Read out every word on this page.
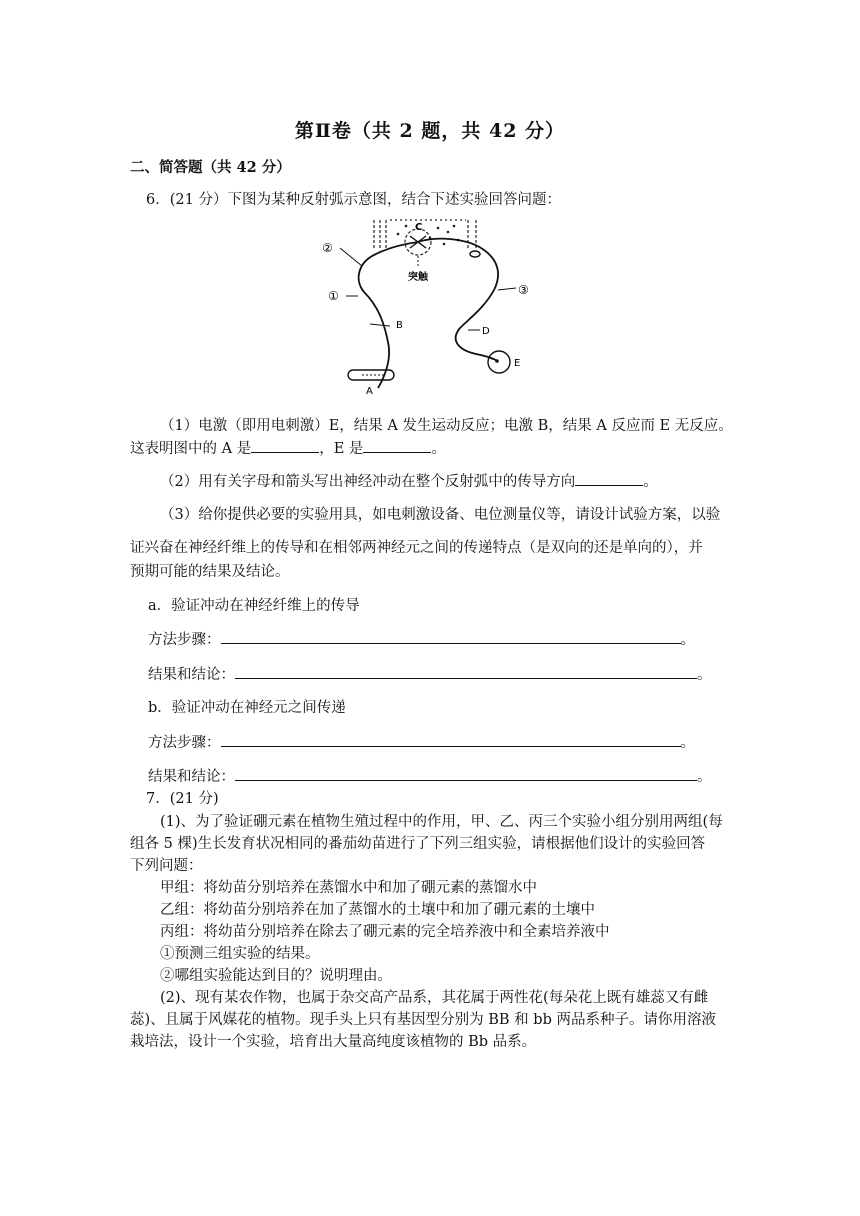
第Ⅱ卷（共 2 题，共 42 分）
二、简答题（共 42 分）
6．(21 分）下图为某种反射弧示意图，结合下述实验回答问题：
②
①	③
C
突触
B
D
E
A
（1）电激（即用电刺激）E，结果 A 发生运动反应；电激 B，结果 A 反应而 E 无反应。
这表明图中的 A 是	，E 是	。
（2）用有关字母和箭头写出神经冲动在整个反射弧中的传导方向	。
（3）给你提供必要的实验用具，如电刺激设备、电位测量仪等，请设计试验方案，以验
证兴奋在神经纤维上的传导和在相邻两神经元之间的传递特点（是双向的还是单向的），并
预期可能的结果及结论。
a．验证冲动在神经纤维上的传导
方法步骤：	。
结果和结论：	。
b．验证冲动在神经元之间传递
方法步骤：	。
结果和结论：	。
7．(21 分)
(1)、为了验证硼元素在植物生殖过程中的作用，甲、乙、丙三个实验小组分别用两组(每
组各 5 棵)生长发育状况相同的番茄幼苗进行了下列三组实验，请根据他们设计的实验回答
下列问题：
甲组：将幼苗分别培养在蒸馏水中和加了硼元素的蒸馏水中
乙组：将幼苗分别培养在加了蒸馏水的土壤中和加了硼元素的土壤中
丙组：将幼苗分别培养在除去了硼元素的完全培养液中和全素培养液中
①预测三组实验的结果。
②哪组实验能达到目的？说明理由。
(2)、现有某农作物，也属于杂交高产品系，其花属于两性花(每朵花上既有雄蕊又有雌
蕊)、且属于风媒花的植物。现手头上只有基因型分别为 BB 和 bb 两品系种子。请你用溶液
栽培法，设计一个实验，培育出大量高纯度该植物的 Bb 品系。
